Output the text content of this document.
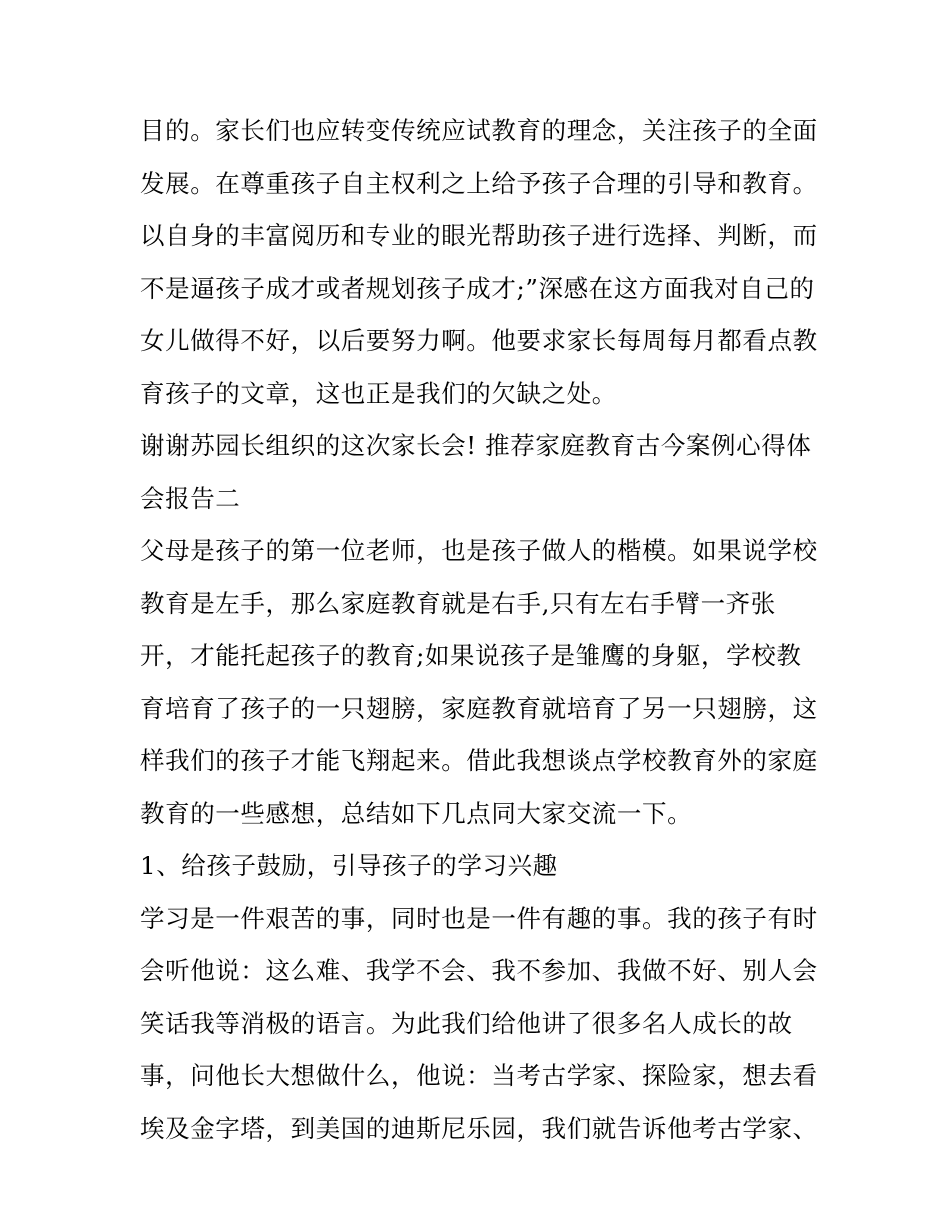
目的。家长们也应转变传统应试教育的理念，关注孩子的全面
发展。在尊重孩子自主权利之上给予孩子合理的引导和教育。
以自身的丰富阅历和专业的眼光帮助孩子进行选择、判断，而
不是逼孩子成才或者规划孩子成才;”深感在这方面我对自己的
女儿做得不好，以后要努力啊。他要求家长每周每月都看点教
育孩子的文章，这也正是我们的欠缺之处。
谢谢苏园长组织的这次家长会! 推荐家庭教育古今案例心得体
会报告二
父母是孩子的第一位老师，也是孩子做人的楷模。如果说学校
教育是左手，那么家庭教育就是右手,只有左右手臂一齐张
开，才能托起孩子的教育;如果说孩子是雏鹰的身躯，学校教
育培育了孩子的一只翅膀，家庭教育就培育了另一只翅膀，这
样我们的孩子才能飞翔起来。借此我想谈点学校教育外的家庭
教育的一些感想，总结如下几点同大家交流一下。
1、给孩子鼓励，引导孩子的学习兴趣
学习是一件艰苦的事，同时也是一件有趣的事。我的孩子有时
会听他说：这么难、我学不会、我不参加、我做不好、别人会
笑话我等消极的语言。为此我们给他讲了很多名人成长的故
事，问他长大想做什么，他说：当考古学家、探险家，想去看
埃及金字塔，到美国的迪斯尼乐园，我们就告诉他考古学家、
